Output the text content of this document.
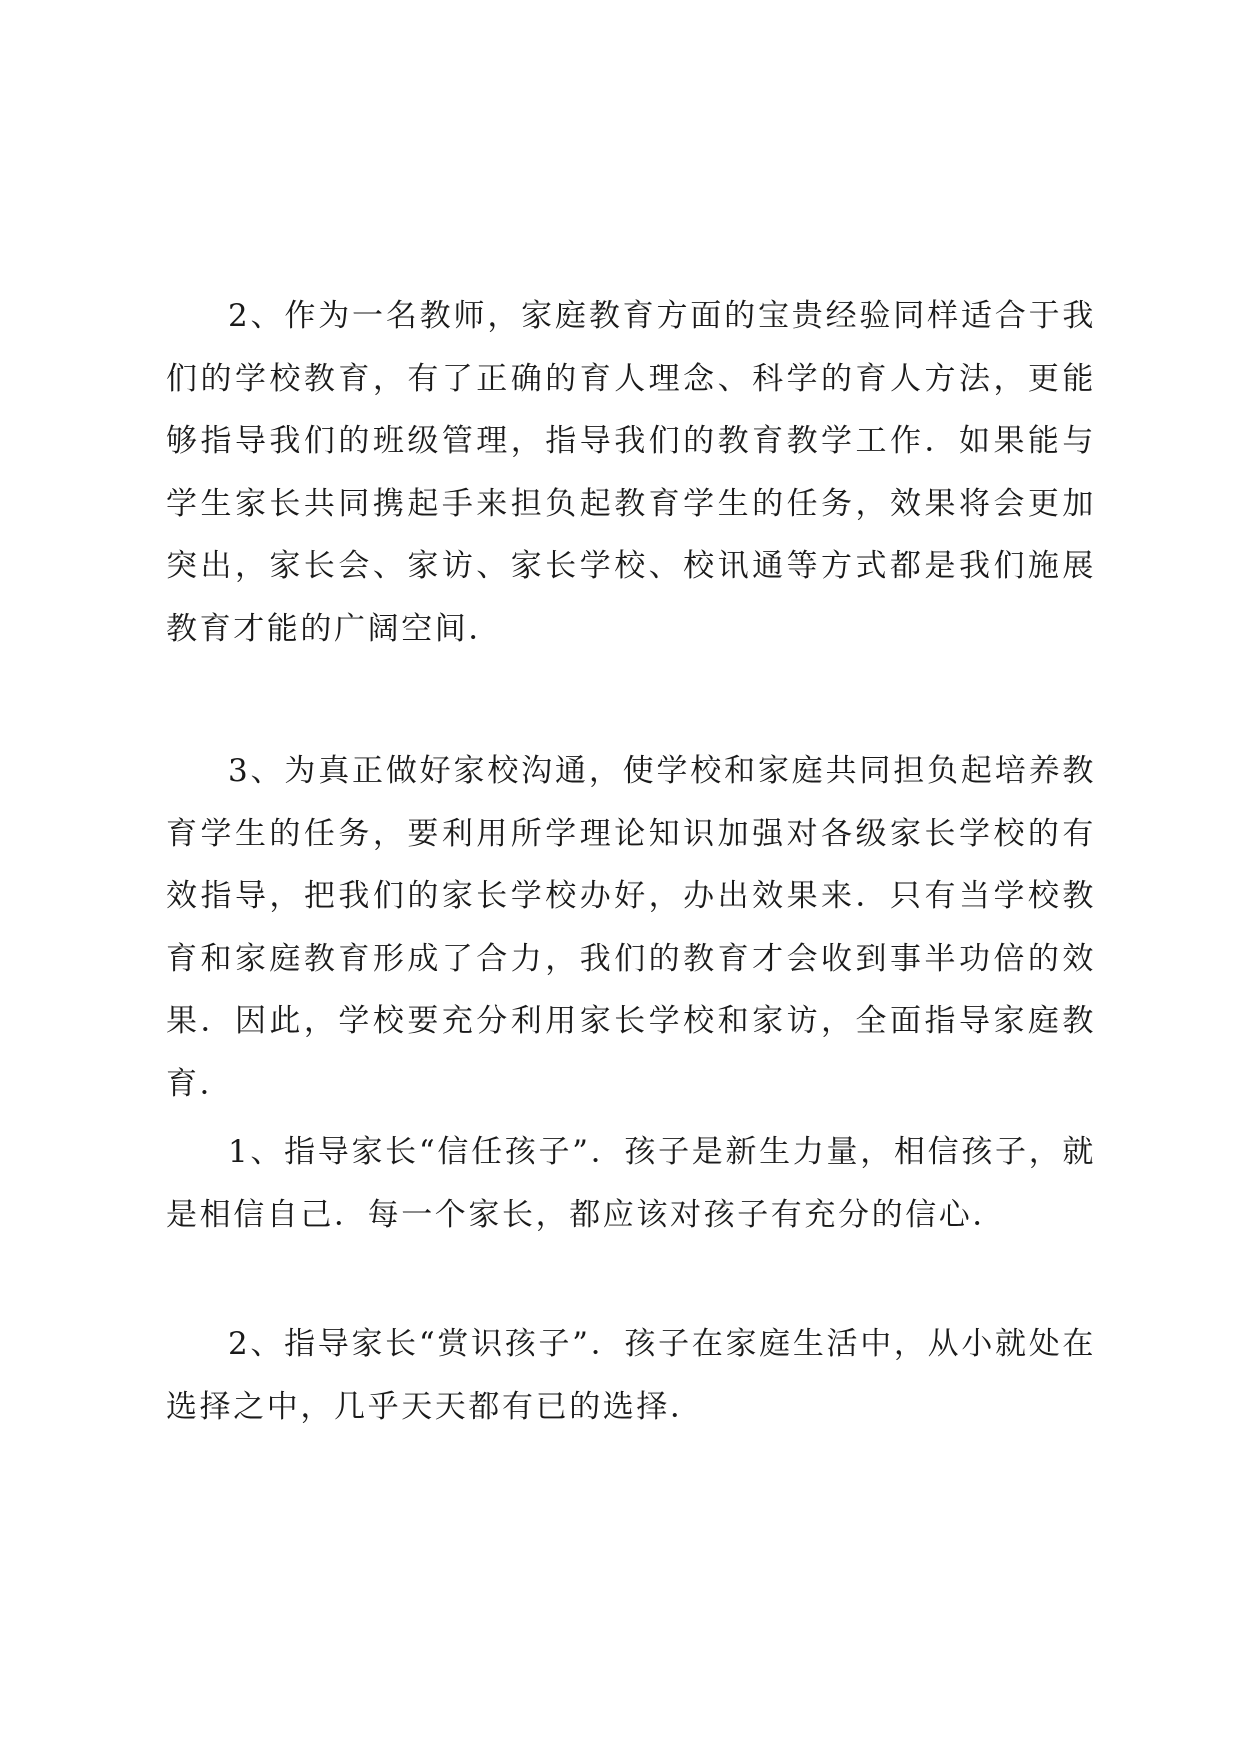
2、作为一名教师，家庭教育方面的宝贵经验同样适合于我们的学校教育，有了正确的育人理念、科学的育人方法，更能够指导我们的班级管理，指导我们的教育教学工作．如果能与学生家长共同携起手来担负起教育学生的任务，效果将会更加突出，家长会、家访、家长学校、校讯通等方式都是我们施展教育才能的广阔空间．

3、为真正做好家校沟通，使学校和家庭共同担负起培养教育学生的任务，要利用所学理论知识加强对各级家长学校的有效指导，把我们的家长学校办好，办出效果来．只有当学校教育和家庭教育形成了合力，我们的教育才会收到事半功倍的效果．因此，学校要充分利用家长学校和家访，全面指导家庭教育．

1、指导家长“信任孩子”．孩子是新生力量，相信孩子，就是相信自己．每一个家长，都应该对孩子有充分的信心．

2、指导家长“赏识孩子”．孩子在家庭生活中，从小就处在选择之中，几乎天天都有已的选择．
